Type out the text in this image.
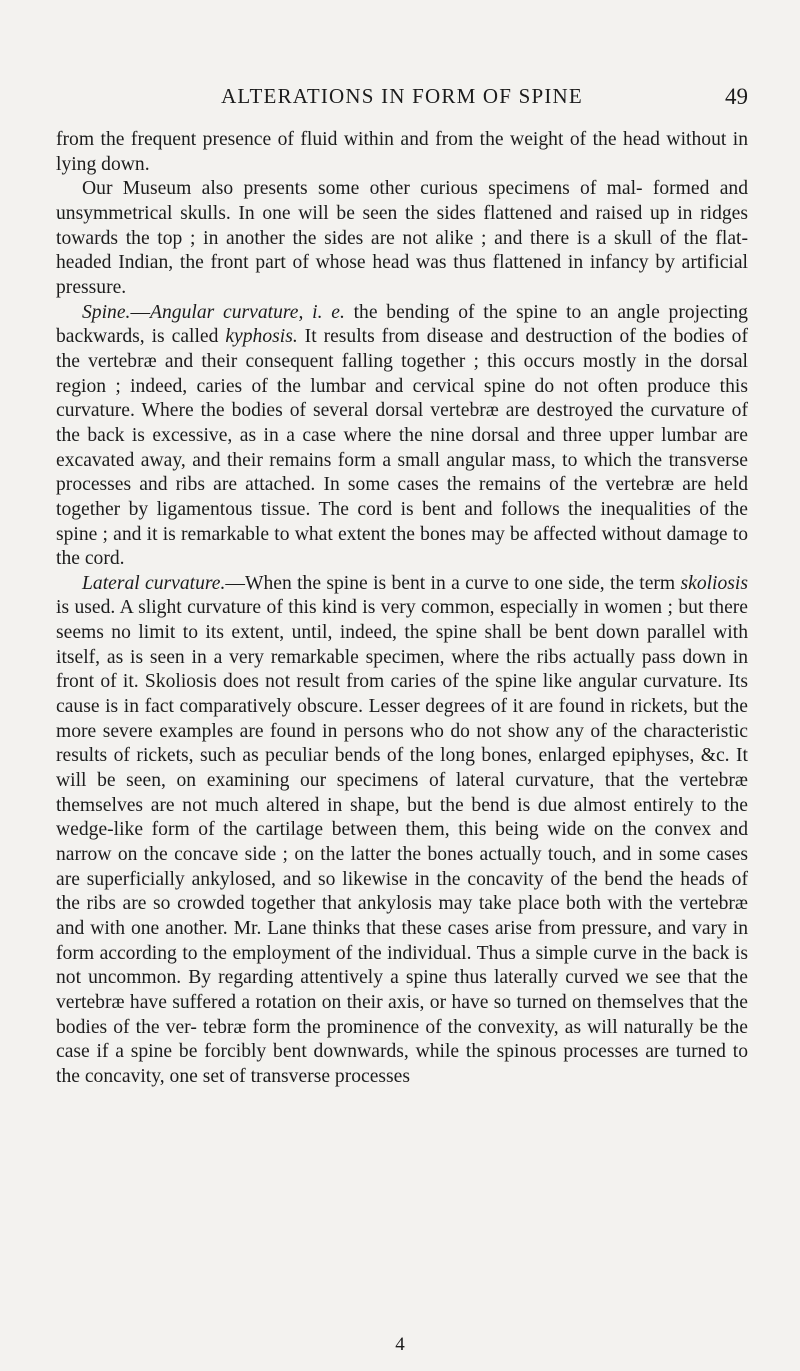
ALTERATIONS IN FORM OF SPINE	49

from the frequent presence of fluid within and from the weight of the head without in lying down.

Our Museum also presents some other curious specimens of mal- formed and unsymmetrical skulls. In one will be seen the sides flattened and raised up in ridges towards the top ; in another the sides are not alike ; and there is a skull of the flat-headed Indian, the front part of whose head was thus flattened in infancy by artificial pressure.

Spine.—Angular curvature, i. e. the bending of the spine to an angle projecting backwards, is called kyphosis. It results from disease and destruction of the bodies of the vertebræ and their consequent falling together ; this occurs mostly in the dorsal region ; indeed, caries of the lumbar and cervical spine do not often produce this curvature. Where the bodies of several dorsal vertebræ are destroyed the curvature of the back is excessive, as in a case where the nine dorsal and three upper lumbar are excavated away, and their remains form a small angular mass, to which the transverse processes and ribs are attached. In some cases the remains of the vertebræ are held together by ligamentous tissue. The cord is bent and follows the inequalities of the spine ; and it is remarkable to what extent the bones may be affected without damage to the cord.

Lateral curvature.—When the spine is bent in a curve to one side, the term skoliosis is used. A slight curvature of this kind is very common, especially in women ; but there seems no limit to its extent, until, indeed, the spine shall be bent down parallel with itself, as is seen in a very remarkable specimen, where the ribs actually pass down in front of it. Skoliosis does not result from caries of the spine like angular curvature. Its cause is in fact comparatively obscure. Lesser degrees of it are found in rickets, but the more severe examples are found in persons who do not show any of the characteristic results of rickets, such as peculiar bends of the long bones, enlarged epiphyses, &c. It will be seen, on examining our specimens of lateral curvature, that the vertebræ themselves are not much altered in shape, but the bend is due almost entirely to the wedge-like form of the cartilage between them, this being wide on the convex and narrow on the concave side ; on the latter the bones actually touch, and in some cases are superficially ankylosed, and so likewise in the concavity of the bend the heads of the ribs are so crowded together that ankylosis may take place both with the vertebræ and with one another. Mr. Lane thinks that these cases arise from pressure, and vary in form according to the employment of the individual. Thus a simple curve in the back is not uncommon. By regarding attentively a spine thus laterally curved we see that the vertebræ have suffered a rotation on their axis, or have so turned on themselves that the bodies of the ver- tebræ form the prominence of the convexity, as will naturally be the case if a spine be forcibly bent downwards, while the spinous processes are turned to the concavity, one set of transverse processes

4
